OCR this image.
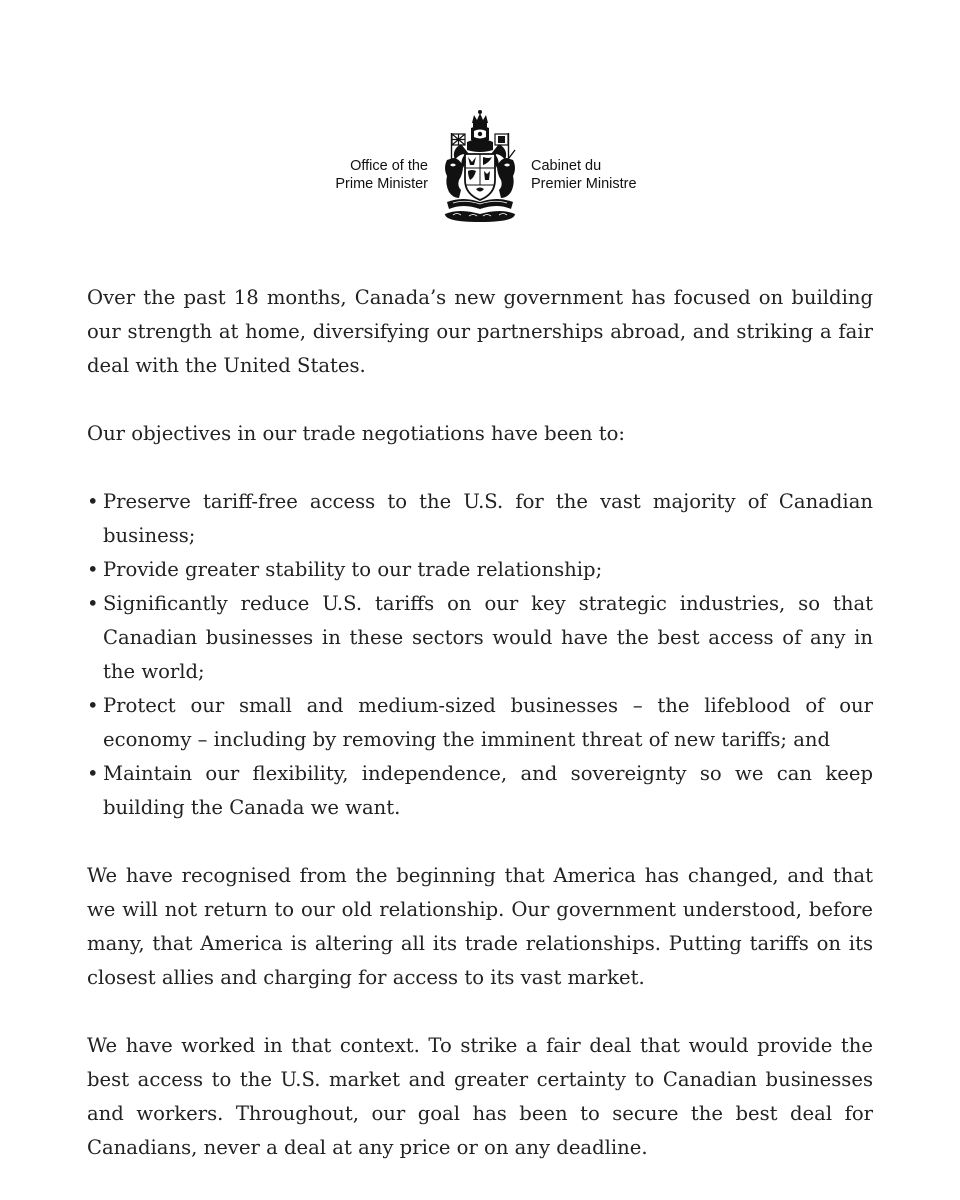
Office of the
Prime Minister
Cabinet du
Premier Ministre

Over the past 18 months, Canada’s new government has focused on building our strength at home, diversifying our partnerships abroad, and striking a fair deal with the United States.

Our objectives in our trade negotiations have been to:

• Preserve tariff-free access to the U.S. for the vast majority of Canadian business;
• Provide greater stability to our trade relationship;
• Significantly reduce U.S. tariffs on our key strategic industries, so that Canadian businesses in these sectors would have the best access of any in the world;
• Protect our small and medium-sized businesses – the lifeblood of our economy – including by removing the imminent threat of new tariffs; and
• Maintain our flexibility, independence, and sovereignty so we can keep building the Canada we want.

We have recognised from the beginning that America has changed, and that we will not return to our old relationship. Our government understood, before many, that America is altering all its trade relationships. Putting tariffs on its closest allies and charging for access to its vast market.

We have worked in that context. To strike a fair deal that would provide the best access to the U.S. market and greater certainty to Canadian businesses and workers. Throughout, our goal has been to secure the best deal for Canadians, never a deal at any price or on any deadline.
